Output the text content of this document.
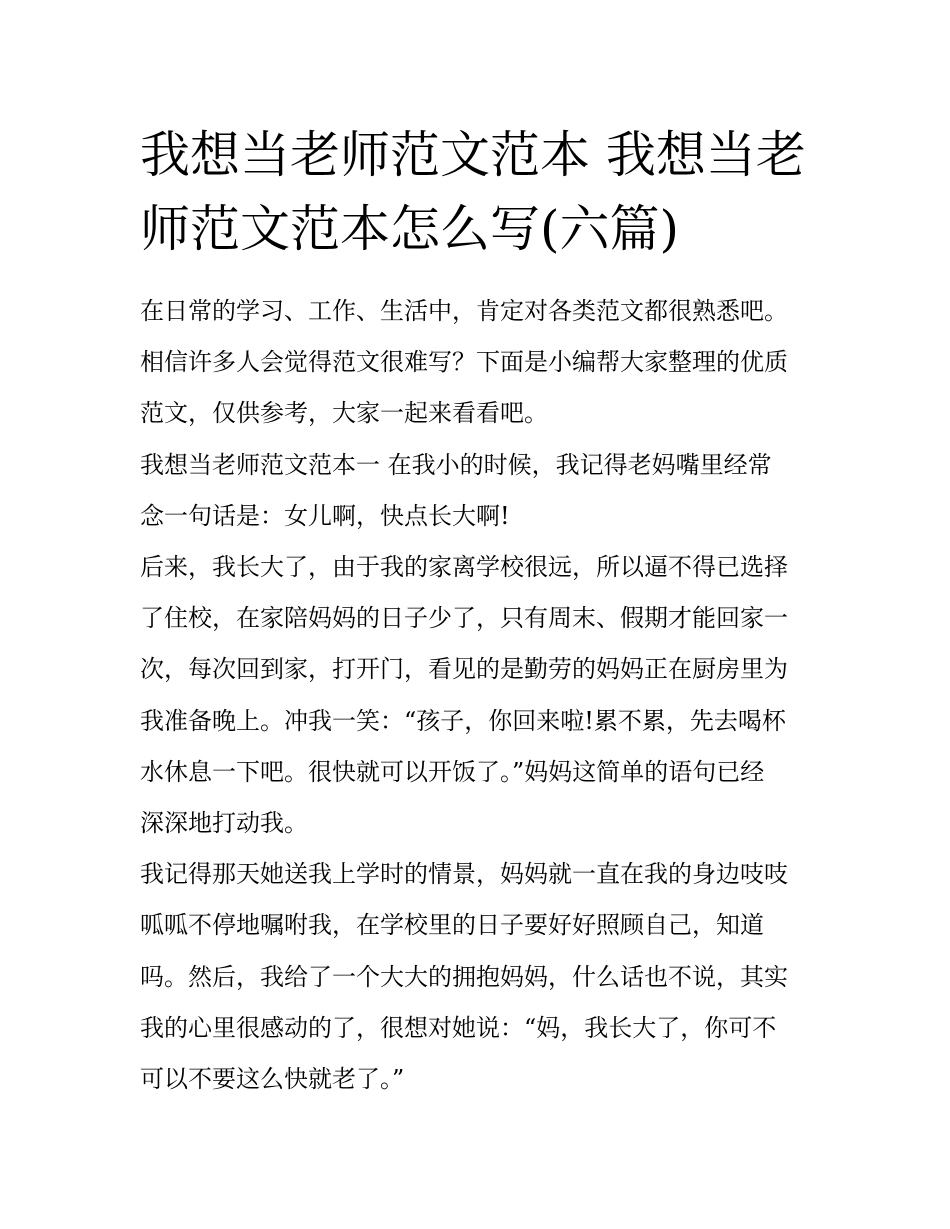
我想当老师范文范本 我想当老
师范文范本怎么写(六篇)

在日常的学习、工作、生活中，肯定对各类范文都很熟悉吧。
相信许多人会觉得范文很难写？下面是小编帮大家整理的优质
范文，仅供参考，大家一起来看看吧。

我想当老师范文范本一 在我小的时候，我记得老妈嘴里经常
念一句话是：女儿啊，快点长大啊!

后来，我长大了，由于我的家离学校很远，所以逼不得已选择
了住校，在家陪妈妈的日子少了，只有周末、假期才能回家一
次，每次回到家，打开门，看见的是勤劳的妈妈正在厨房里为
我准备晚上。冲我一笑：“孩子，你回来啦!累不累，先去喝杯
水休息一下吧。很快就可以开饭了。”妈妈这简单的语句已经
深深地打动我。

我记得那天她送我上学时的情景，妈妈就一直在我的身边吱吱
呱呱不停地嘱咐我，在学校里的日子要好好照顾自己，知道
吗。然后，我给了一个大大的拥抱妈妈，什么话也不说，其实
我的心里很感动的了，很想对她说：“妈，我长大了，你可不
可以不要这么快就老了。”
